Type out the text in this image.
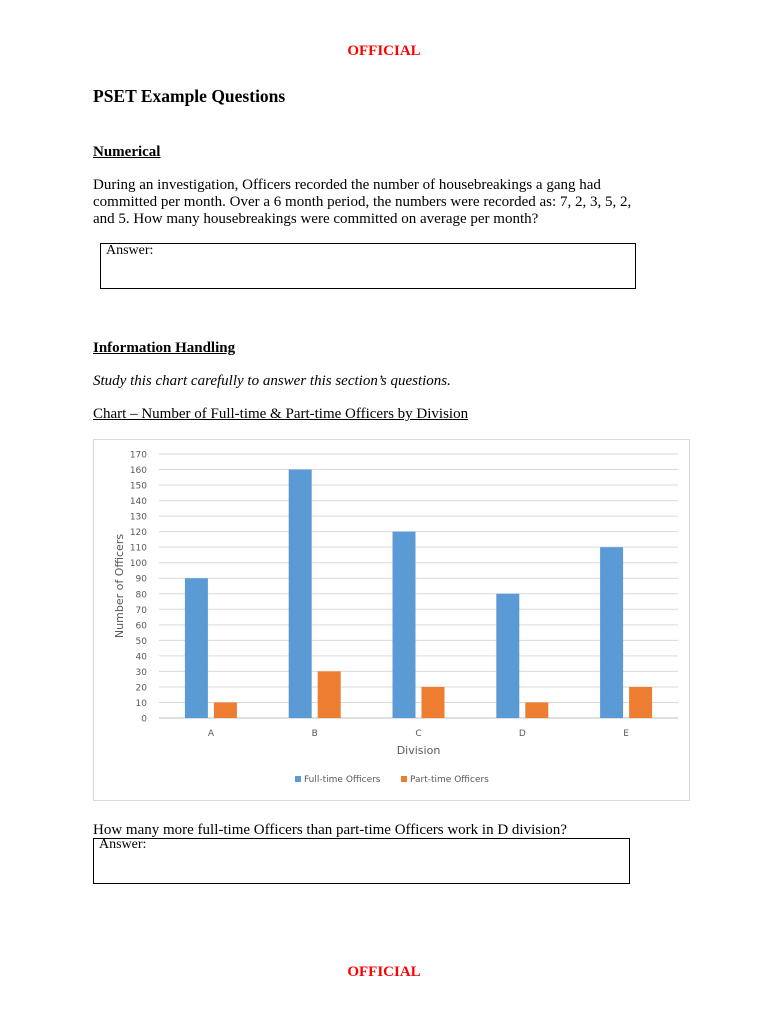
OFFICIAL
PSET Example Questions
Numerical
During an investigation, Officers recorded the number of housebreakings a gang had
committed per month. Over a 6 month period, the numbers were recorded as: 7, 2, 3, 5, 2,
and 5. How many housebreakings were committed on average per month?
Answer:
Information Handling
Study this chart carefully to answer this section’s questions.
Chart – Number of Full-time & Part-time Officers by Division
0
10
20
30
40
50
60
70
80
90
100
110
120
130
140
150
160
170
A	B	C	D	E
Division
Number of Officers
Full-time Officers	Part-time Officers
How many more full-time Officers than part-time Officers work in D division?
Answer:
OFFICIAL
